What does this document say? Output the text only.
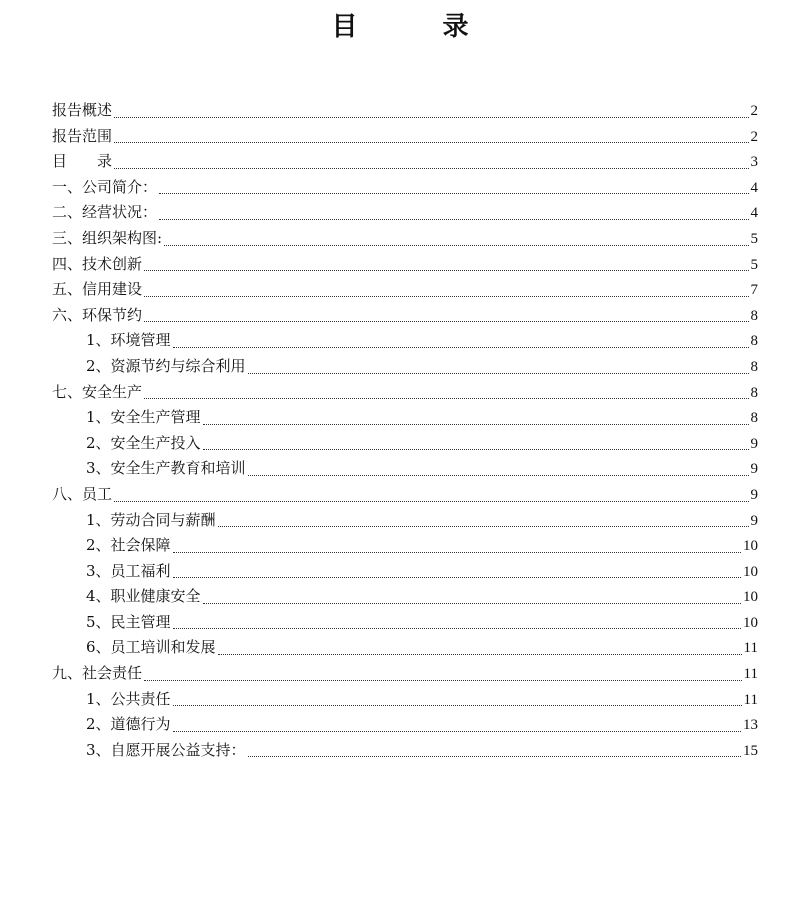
目 录
报告概述	2
报告范围	2
目　　录	3
一、公司简介：	4
二、经营状况：	4
三、组织架构图:	5
四、技术创新	5
五、信用建设	7
六、环保节约	8
1、环境管理	8
2、资源节约与综合利用	8
七、安全生产	8
1、安全生产管理	8
2、安全生产投入	9
3、安全生产教育和培训	9
八、员工	9
1、劳动合同与薪酬	9
2、社会保障	10
3、员工福利	10
4、职业健康安全	10
5、民主管理	10
6、员工培训和发展	11
九、社会责任	11
1、公共责任	11
2、道德行为	13
3、自愿开展公益支持：	15
